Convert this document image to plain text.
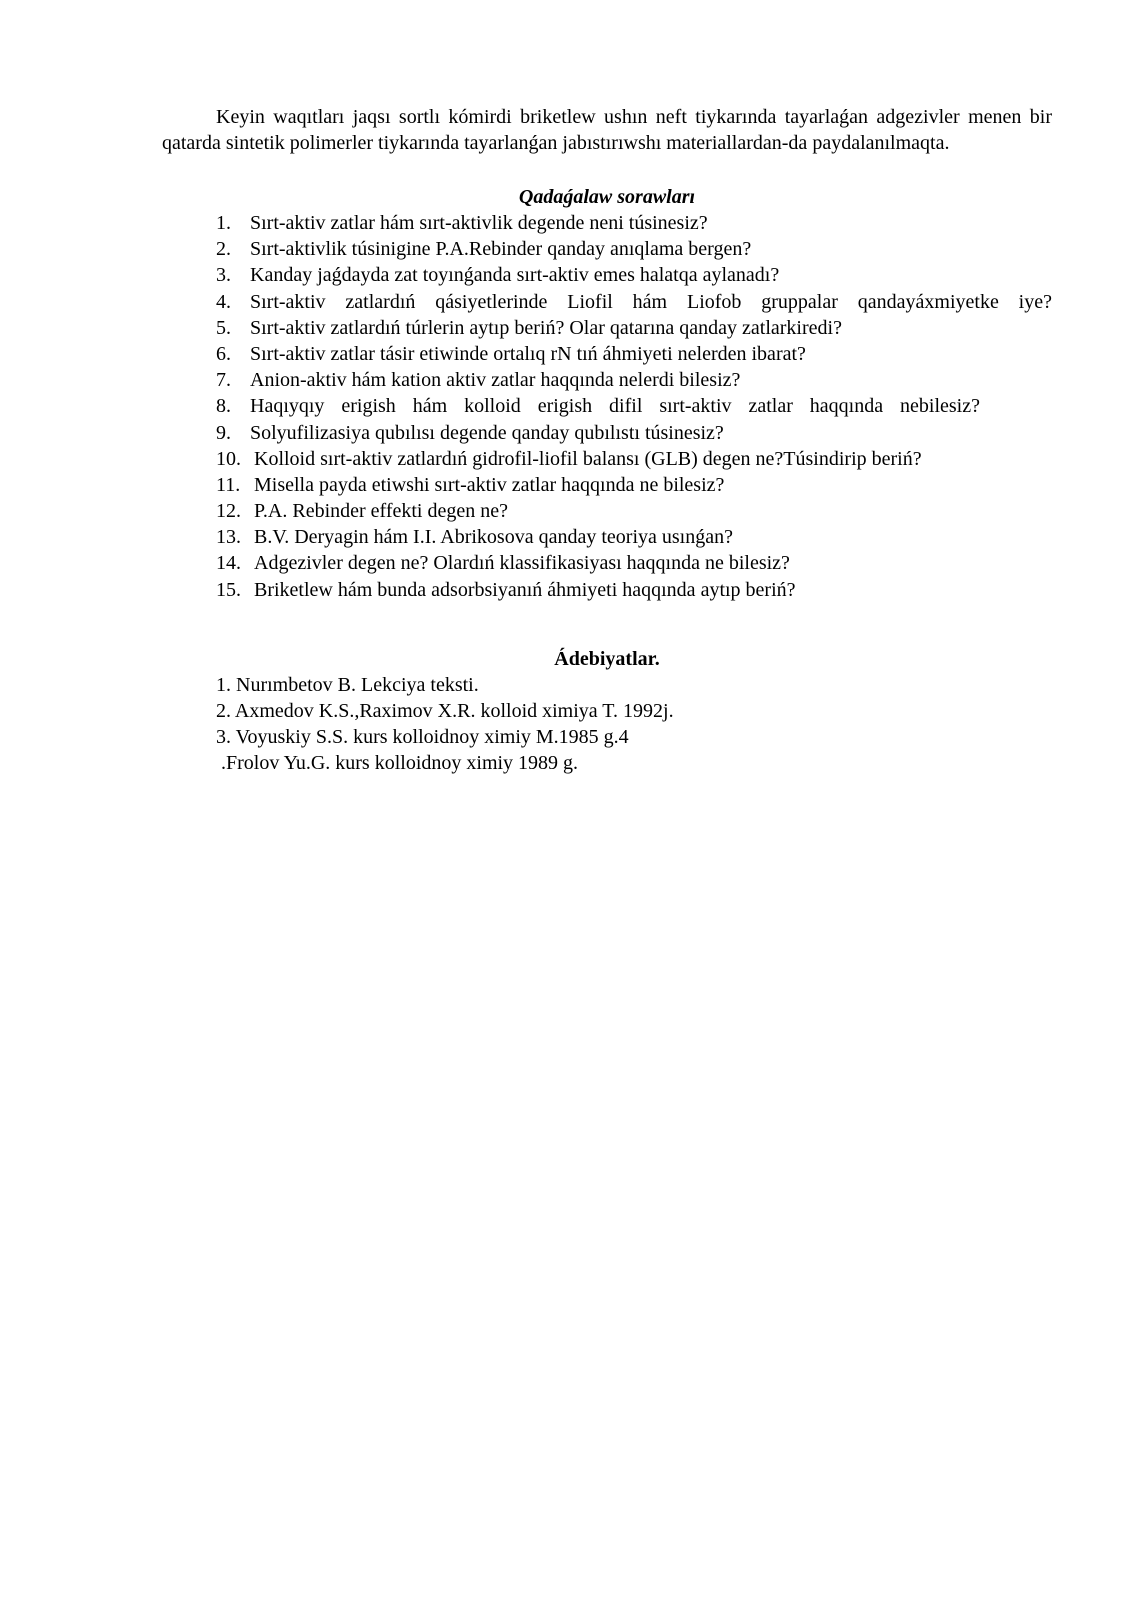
Keyin waqıtları jaqsı sortlı kómirdi briketlew ushın neft tiykarında tayarlaǵan adgezivler menen bir qatarda sintetik polimerler tiykarında tayarlanǵan jabıstırıwshı materiallardan-da paydalanılmaqta.

Qadaǵalaw sorawları
1. Sırt-aktiv zatlar hám sırt-aktivlik degende neni túsinesiz?
2. Sırt-aktivlik túsinigine P.A.Rebinder qanday anıqlama bergen?
3. Kanday jaǵdayda zat toyınǵanda sırt-aktiv emes halatqa aylanadı?
4. Sırt-aktiv zatlardıń qásiyetlerinde Liofil hám Liofob gruppalar qandayáxmiyetke iye?
5. Sırt-aktiv zatlardıń túrlerin aytıp beriń? Olar qatarına qanday zatlarkiredi?
6. Sırt-aktiv zatlar tásir etiwinde ortalıq rN tıń áhmiyeti nelerden ibarat?
7. Anion-aktiv hám kation aktiv zatlar haqqında nelerdi bilesiz?
8. Haqıyqıy erigish hám kolloid erigish difil sırt-aktiv zatlar haqqında nebilesiz?
9. Solyufilizasiya qubılısı degende qanday qubılıstı túsinesiz?
10. Kolloid sırt-aktiv zatlardıń gidrofil-liofil balansı (GLB) degen ne?Túsindirip beriń?
11. Misella payda etiwshi sırt-aktiv zatlar haqqında ne bilesiz?
12. P.A. Rebinder effekti degen ne?
13. B.V. Deryagin hám I.I. Abrikosova qanday teoriya usınǵan?
14. Adgezivler degen ne? Olardıń klassifikasiyası haqqında ne bilesiz?
15. Briketlew hám bunda adsorbsiyanıń áhmiyeti haqqında aytıp beriń?
Ádebiyatlar.
1. Nurımbetov B. Lekciya teksti.
2. Axmedov K.S.,Raximov X.R. kolloid ximiya T. 1992j.
3. Voyuskiy S.S. kurs kolloidnoy ximiy M.1985 g.4
.Frolov Yu.G. kurs kolloidnoy ximiy 1989 g.
